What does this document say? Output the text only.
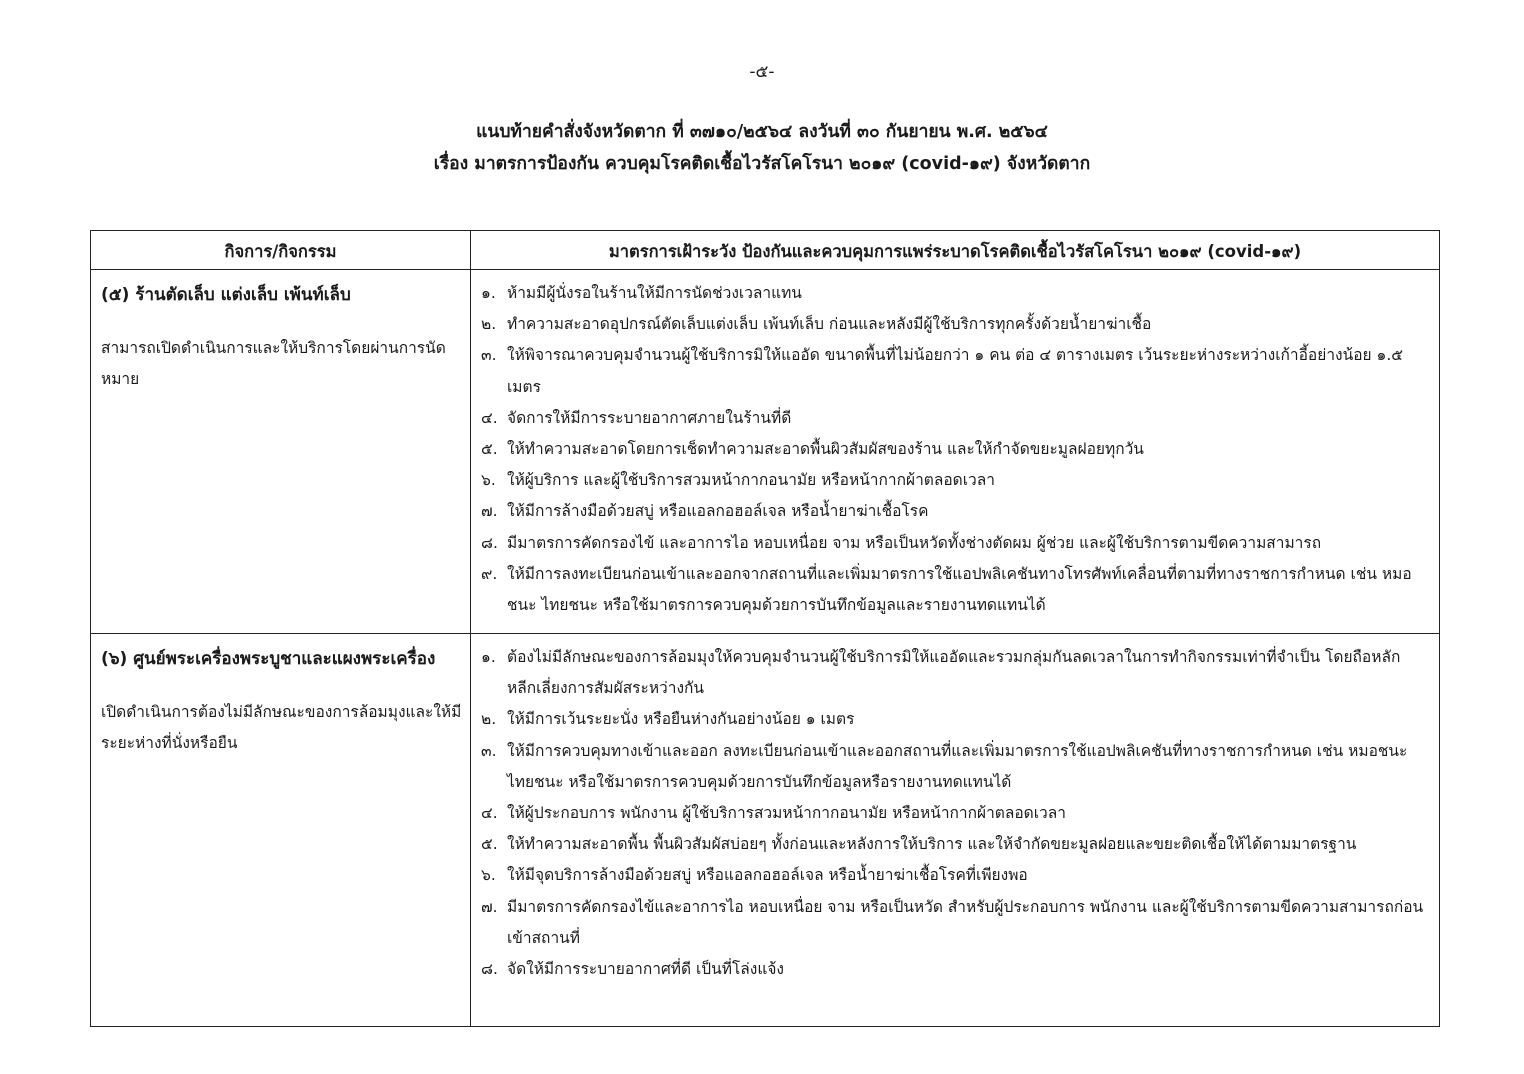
-๕-
แนบท้ายคำสั่งจังหวัดตาก ที่ ๓๗๑๐/๒๕๖๔ ลงวันที่ ๓๐ กันยายน พ.ศ. ๒๕๖๔
เรื่อง มาตรการป้องกัน ควบคุมโรคติดเชื้อไวรัสโคโรนา ๒๐๑๙ (covid-๑๙) จังหวัดตาก
กิจการ/กิจกรรม	มาตรการเฝ้าระวัง ป้องกันและควบคุมการแพร่ระบาดโรคติดเชื้อไวรัสโคโรนา ๒๐๑๙ (covid-๑๙)
(๕) ร้านตัดเล็บ แต่งเล็บ เพ้นท์เล็บ
สามารถเปิดดำเนินการและให้บริการโดยผ่านการนัดหมาย
๑. ห้ามมีผู้นั่งรอในร้านให้มีการนัดช่วงเวลาแทน
๒. ทำความสะอาดอุปกรณ์ตัดเล็บแต่งเล็บ เพ้นท์เล็บ ก่อนและหลังมีผู้ใช้บริการทุกครั้งด้วยน้ำยาฆ่าเชื้อ
๓. ให้พิจารณาควบคุมจำนวนผู้ใช้บริการมิให้แออัด ขนาดพื้นที่ไม่น้อยกว่า ๑ คน ต่อ ๔ ตารางเมตร เว้นระยะห่างระหว่างเก้าอี้อย่างน้อย ๑.๕ เมตร
๔. จัดการให้มีการระบายอากาศภายในร้านที่ดี
๕. ให้ทำความสะอาดโดยการเช็ดทำความสะอาดพื้นผิวสัมผัสของร้าน และให้กำจัดขยะมูลฝอยทุกวัน
๖. ให้ผู้บริการ และผู้ใช้บริการสวมหน้ากากอนามัย หรือหน้ากากผ้าตลอดเวลา
๗. ให้มีการล้างมือด้วยสบู่ หรือแอลกอฮอล์เจล หรือน้ำยาฆ่าเชื้อโรค
๘. มีมาตรการคัดกรองไข้ และอาการไอ หอบเหนื่อย จาม หรือเป็นหวัดทั้งช่างตัดผม ผู้ช่วย และผู้ใช้บริการตามขีดความสามารถ
๙. ให้มีการลงทะเบียนก่อนเข้าและออกจากสถานที่และเพิ่มมาตรการใช้แอปพลิเคชันทางโทรศัพท์เคลื่อนที่ตามที่ทางราชการกำหนด เช่น หมอชนะ ไทยชนะ หรือใช้มาตรการควบคุมด้วยการบันทึกข้อมูลและรายงานทดแทนได้
(๖) ศูนย์พระเครื่องพระบูชาและแผงพระเครื่อง
เปิดดำเนินการต้องไม่มีลักษณะของการล้อมมุงและให้มีระยะห่างที่นั่งหรือยืน
๑. ต้องไม่มีลักษณะของการล้อมมุงให้ควบคุมจำนวนผู้ใช้บริการมิให้แออัดและรวมกลุ่มกันลดเวลาในการทำกิจกรรมเท่าที่จำเป็น โดยถือหลักหลีกเลี่ยงการสัมผัสระหว่างกัน
๒. ให้มีการเว้นระยะนั่ง หรือยืนห่างกันอย่างน้อย ๑ เมตร
๓. ให้มีการควบคุมทางเข้าและออก ลงทะเบียนก่อนเข้าและออกสถานที่และเพิ่มมาตรการใช้แอปพลิเคชันที่ทางราชการกำหนด เช่น หมอชนะ ไทยชนะ หรือใช้มาตรการควบคุมด้วยการบันทึกข้อมูลหรือรายงานทดแทนได้
๔. ให้ผู้ประกอบการ พนักงาน ผู้ใช้บริการสวมหน้ากากอนามัย หรือหน้ากากผ้าตลอดเวลา
๕. ให้ทำความสะอาดพื้น พื้นผิวสัมผัสบ่อยๆ ทั้งก่อนและหลังการให้บริการ และให้จำกัดขยะมูลฝอยและขยะติดเชื้อให้ได้ตามมาตรฐาน
๖. ให้มีจุดบริการล้างมือด้วยสบู่ หรือแอลกอฮอล์เจล หรือน้ำยาฆ่าเชื้อโรคที่เพียงพอ
๗. มีมาตรการคัดกรองไข้และอาการไอ หอบเหนื่อย จาม หรือเป็นหวัด สำหรับผู้ประกอบการ พนักงาน และผู้ใช้บริการตามขีดความสามารถก่อนเข้าสถานที่
๘. จัดให้มีการระบายอากาศที่ดี เป็นที่โล่งแจ้ง
